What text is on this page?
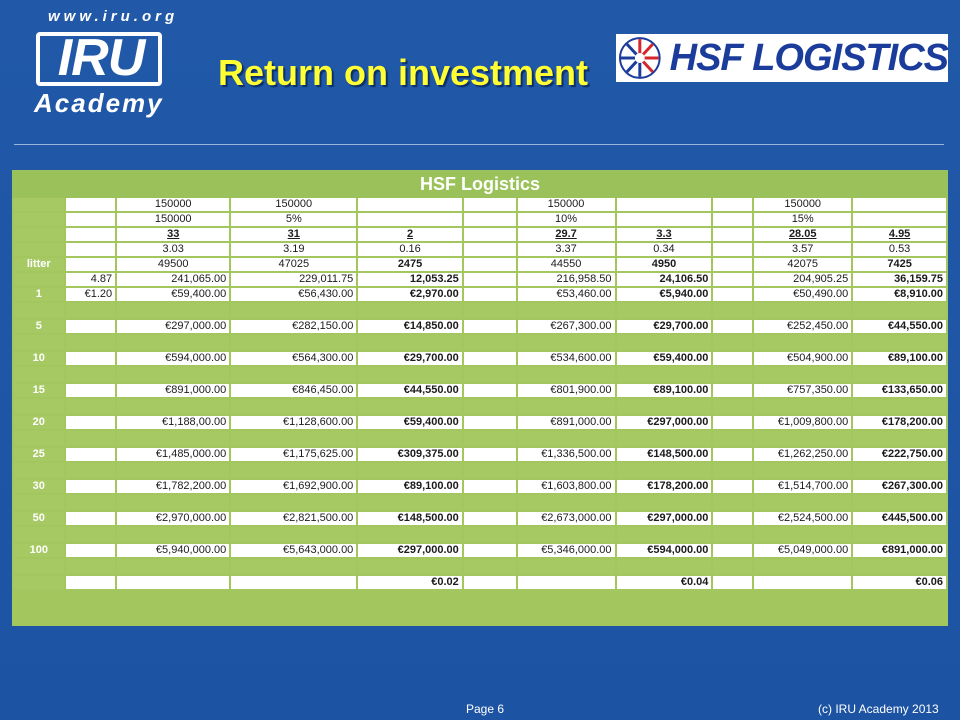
www.iru.org
IRU
Academy
Return on investment HSF LOGISTICS
HSF Logistics
		150000	150000			150000			150000	
		150000	5%			10%			15%	
		33	31	2		29.7	3.3		28.05	4.95
		3.03	3.19	0.16		3.37	0.34		3.57	0.53
litter		49500	47025	2475		44550	4950		42075	7425
	4.87	241,065.00	229,011.75	12,053.25		216,958.50	24,106.50		204,905.25	36,159.75
1	€1.20	€59,400.00	€56,430.00	€2,970.00		€53,460.00	€5,940.00		€50,490.00	€8,910.00

5		€297,000.00	€282,150.00	€14,850.00		€267,300.00	€29,700.00		€252,450.00	€44,550.00

10		€594,000.00	€564,300.00	€29,700.00		€534,600.00	€59,400.00		€504,900.00	€89,100.00

15		€891,000.00	€846,450.00	€44,550.00		€801,900.00	€89,100.00		€757,350.00	€133,650.00

20		€1,188,00.00	€1,128,600.00	€59,400.00		€891,000.00	€297,000.00		€1,009,800.00	€178,200.00

25		€1,485,000.00	€1,175,625.00	€309,375.00		€1,336,500.00	€148,500.00		€1,262,250.00	€222,750.00

30		€1,782,200.00	€1,692,900.00	€89,100.00		€1,603,800.00	€178,200.00		€1,514,700.00	€267,300.00

50		€2,970,000.00	€2,821,500.00	€148,500.00		€2,673,000.00	€297,000.00		€2,524,500.00	€445,500.00

100		€5,940,000.00	€5,643,000.00	€297,000.00		€5,346,000.00	€594,000.00		€5,049,000.00	€891,000.00

				€0.02			€0.04			€0.06
Page 6	(c) IRU Academy 2013
